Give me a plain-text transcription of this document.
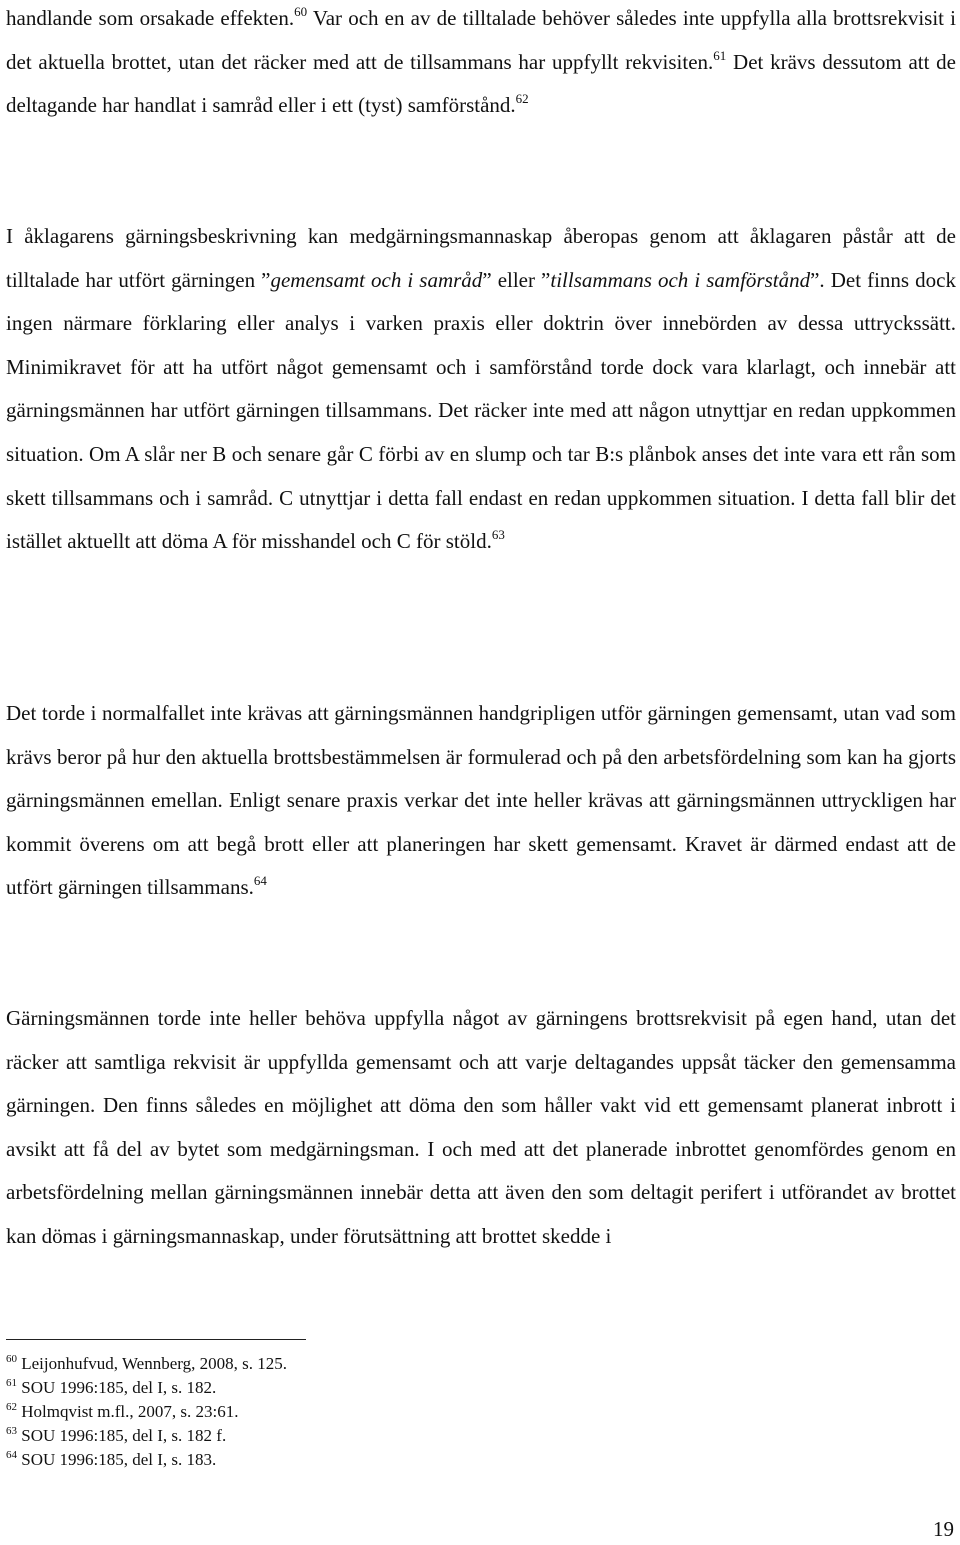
handlande som orsakade effekten.$^{60}$ Var och en av de tilltalade behöver således inte uppfylla alla brottsrekvisit i det aktuella brottet, utan det räcker med att de tillsammans har uppfyllt rekvisiten.$^{61}$ Det krävs dessutom att de deltagande har handlat i samråd eller i ett (tyst) samförstånd.$^{62}$

I åklagarens gärningsbeskrivning kan medgärningsmannaskap åberopas genom att åklagaren påstår att de tilltalade har utfört gärningen ”gemensamt och i samråd” eller ”tillsammans och i samförstånd”. Det finns dock ingen närmare förklaring eller analys i varken praxis eller doktrin över innebörden av dessa uttryckssätt. Minimikravet för att ha utfört något gemensamt och i samförstånd torde dock vara klarlagt, och innebär att gärningsmännen har utfört gärningen tillsammans. Det räcker inte med att någon utnyttjar en redan uppkommen situation. Om A slår ner B och senare går C förbi av en slump och tar B:s plånbok anses det inte vara ett rån som skett tillsammans och i samråd. C utnyttjar i detta fall endast en redan uppkommen situation. I detta fall blir det istället aktuellt att döma A för misshandel och C för stöld.$^{63}$

Det torde i normalfallet inte krävas att gärningsmännen handgripligen utför gärningen gemensamt, utan vad som krävs beror på hur den aktuella brottsbestämmelsen är formulerad och på den arbetsfördelning som kan ha gjorts gärningsmännen emellan. Enligt senare praxis verkar det inte heller krävas att gärningsmännen uttryckligen har kommit överens om att begå brott eller att planeringen har skett gemensamt. Kravet är därmed endast att de utfört gärningen tillsammans.$^{64}$

Gärningsmännen torde inte heller behöva uppfylla något av gärningens brottsrekvisit på egen hand, utan det räcker att samtliga rekvisit är uppfyllda gemensamt och att varje deltagandes uppsåt täcker den gemensamma gärningen. Den finns således en möjlighet att döma den som håller vakt vid ett gemensamt planerat inbrott i avsikt att få del av bytet som medgärningsman. I och med att det planerade inbrottet genomfördes genom en arbetsfördelning mellan gärningsmännen innebär detta att även den som deltagit perifert i utförandet av brottet kan dömas i gärningsmannaskap, under förutsättning att brottet skedde i

$^{60}$ Leijonhufvud, Wennberg, 2008, s. 125.

$^{61}$ SOU 1996:185, del I, s. 182.

$^{62}$ Holmqvist m.fl., 2007, s. 23:61.

$^{63}$ SOU 1996:185, del I, s. 182 f.

$^{64}$ SOU 1996:185, del I, s. 183.

19
